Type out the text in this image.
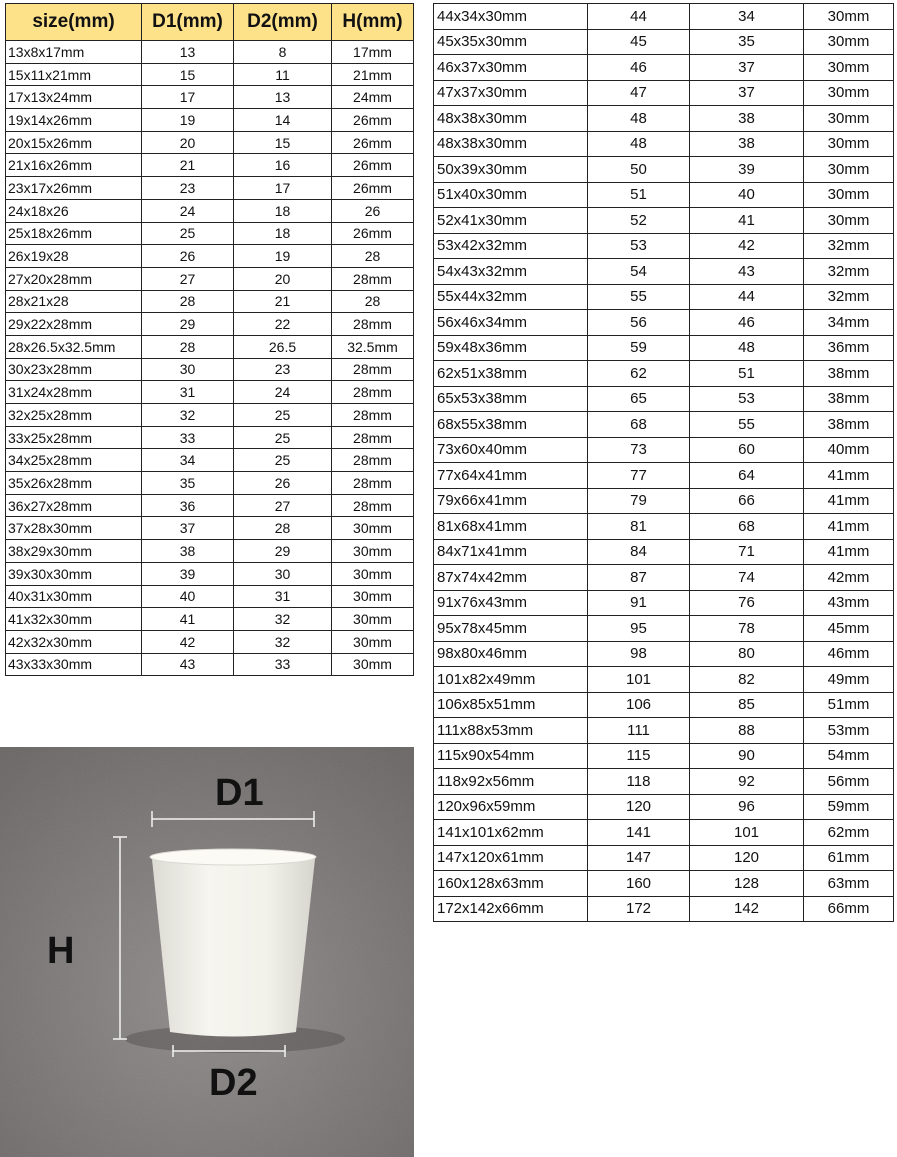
size(mm)	D1(mm)	D2(mm)	H(mm)
13x8x17mm	13	8	17mm
15x11x21mm	15	11	21mm
17x13x24mm	17	13	24mm
19x14x26mm	19	14	26mm
20x15x26mm	20	15	26mm
21x16x26mm	21	16	26mm
23x17x26mm	23	17	26mm
24x18x26	24	18	26
25x18x26mm	25	18	26mm
26x19x28	26	19	28
27x20x28mm	27	20	28mm
28x21x28	28	21	28
29x22x28mm	29	22	28mm
28x26.5x32.5mm	28	26.5	32.5mm
30x23x28mm	30	23	28mm
31x24x28mm	31	24	28mm
32x25x28mm	32	25	28mm
33x25x28mm	33	25	28mm
34x25x28mm	34	25	28mm
35x26x28mm	35	26	28mm
36x27x28mm	36	27	28mm
37x28x30mm	37	28	30mm
38x29x30mm	38	29	30mm
39x30x30mm	39	30	30mm
40x31x30mm	40	31	30mm
41x32x30mm	41	32	30mm
42x32x30mm	42	32	30mm
43x33x30mm	43	33	30mm
44x34x30mm	44	34	30mm
45x35x30mm	45	35	30mm
46x37x30mm	46	37	30mm
47x37x30mm	47	37	30mm
48x38x30mm	48	38	30mm
48x38x30mm	48	38	30mm
50x39x30mm	50	39	30mm
51x40x30mm	51	40	30mm
52x41x30mm	52	41	30mm
53x42x32mm	53	42	32mm
54x43x32mm	54	43	32mm
55x44x32mm	55	44	32mm
56x46x34mm	56	46	34mm
59x48x36mm	59	48	36mm
62x51x38mm	62	51	38mm
65x53x38mm	65	53	38mm
68x55x38mm	68	55	38mm
73x60x40mm	73	60	40mm
77x64x41mm	77	64	41mm
79x66x41mm	79	66	41mm
81x68x41mm	81	68	41mm
84x71x41mm	84	71	41mm
87x74x42mm	87	74	42mm
91x76x43mm	91	76	43mm
95x78x45mm	95	78	45mm
98x80x46mm	98	80	46mm
101x82x49mm	101	82	49mm
106x85x51mm	106	85	51mm
111x88x53mm	111	88	53mm
115x90x54mm	115	90	54mm
118x92x56mm	118	92	56mm
120x96x59mm	120	96	59mm
141x101x62mm	141	101	62mm
147x120x61mm	147	120	61mm
160x128x63mm	160	128	63mm
172x142x66mm	172	142	66mm
D1
D2
H
